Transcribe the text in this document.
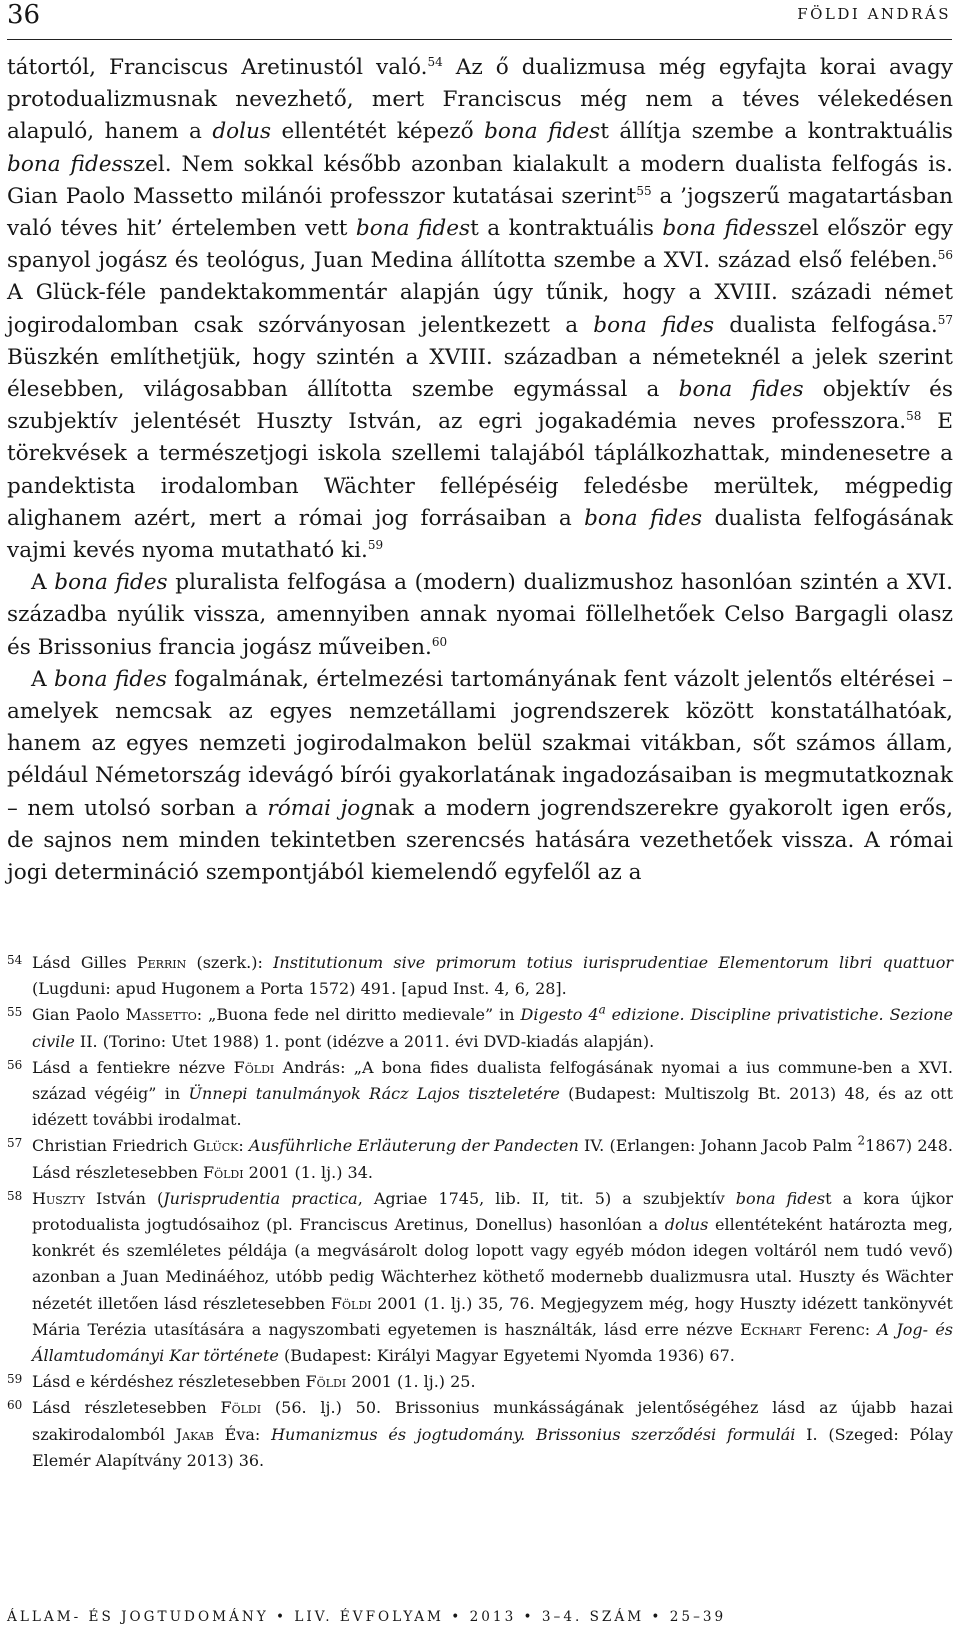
36	FÖLDI ANDRÁS

tátortól, Franciscus Aretinustól való.$^{54}$ Az ő dualizmusa még egyfajta korai avagy protodualizmusnak nevezhető, mert Franciscus még nem a téves vélekedésen alapuló, hanem a dolus ellentétét képező bona fidest állítja szembe a kontraktuális bona fidesszel. Nem sokkal később azonban kialakult a modern dualista felfogás is. Gian Paolo Massetto milánói professzor kutatásai szerint$^{55}$ a ’jogszerű magatartásban való téves hit’ értelemben vett bona fidest a kontraktuális bona fidesszel először egy spanyol jogász és teológus, Juan Medina állította szembe a XVI. század első felében.$^{56}$ A Glück-féle pandektakommentár alapján úgy tűnik, hogy a XVIII. századi német jogirodalomban csak szórványosan jelentkezett a bona fides dualista felfogása.$^{57}$ Büszkén említhetjük, hogy szintén a XVIII. században a németeknél a jelek szerint élesebben, világosabban állította szembe egymással a bona fides objektív és szubjektív jelentését Huszty István, az egri jogakadémia neves professzora.$^{58}$ E törekvések a természetjogi iskola szellemi talajából táplálkozhattak, mindenesetre a pandektista irodalomban Wächter fellépéséig feledésbe merültek, mégpedig alighanem azért, mert a római jog forrásaiban a bona fides dualista felfogásának vajmi kevés nyoma mutatható ki.$^{59}$

A bona fides pluralista felfogása a (modern) dualizmushoz hasonlóan szintén a XVI. századba nyúlik vissza, amennyiben annak nyomai föllelhetőek Celso Bargagli olasz és Brissonius francia jogász műveiben.$^{60}$

A bona fides fogalmának, értelmezési tartományának fent vázolt jelentős eltérései – amelyek nemcsak az egyes nemzetállami jogrendszerek között konstatálhatóak, hanem az egyes nemzeti jogirodalmakon belül szakmai vitákban, sőt számos állam, például Németország idevágó bírói gyakorlatának ingadozásaiban is megmutatkoznak – nem utolsó sorban a római jognak a modern jogrendszerekre gyakorolt igen erős, de sajnos nem minden tekintetben szerencsés hatására vezethetőek vissza. A római jogi determináció szempontjából kiemelendő egyfelől az a

54 Lásd Gilles Perrin (szerk.): Institutionum sive primorum totius iurisprudentiae Elementorum libri quattuor (Lugduni: apud Hugonem a Porta 1572) 491. [apud Inst. 4, 6, 28].
55 Gian Paolo Massetto: „Buona fede nel diritto medievale” in Digesto 4$^a$ edizione. Discipline privatistiche. Sezione civile II. (Torino: Utet 1988) 1. pont (idézve a 2011. évi DVD-kiadás alapján).
56 Lásd a fentiekre nézve Földi András: „A bona fides dualista felfogásának nyomai a ius commune-ben a XVI. század végéig” in Ünnepi tanulmányok Rácz Lajos tiszteletére (Budapest: Multiszolg Bt. 2013) 48, és az ott idézett további irodalmat.
57 Christian Friedrich Glück: Ausführliche Erläuterung der Pandecten IV. (Erlangen: Johann Jacob Palm $^2$1867) 248. Lásd részletesebben Földi 2001 (1. lj.) 34.
58 Huszty István (Jurisprudentia practica, Agriae 1745, lib. II, tit. 5) a szubjektív bona fidest a kora újkor protodualista jogtudósaihoz (pl. Franciscus Aretinus, Donellus) hasonlóan a dolus ellentéteként határozta meg, konkrét és szemléletes példája (a megvásárolt dolog lopott vagy egyéb módon idegen voltáról nem tudó vevő) azonban a Juan Medináéhoz, utóbb pedig Wächterhez köthető modernebb dualizmusra utal. Huszty és Wächter nézetét illetően lásd részletesebben Földi 2001 (1. lj.) 35, 76. Megjegyzem még, hogy Huszty idézett tankönyvét Mária Terézia utasítására a nagyszombati egyetemen is használták, lásd erre nézve Eckhart Ferenc: A Jog- és Államtudományi Kar története (Budapest: Királyi Magyar Egyetemi Nyomda 1936) 67.
59 Lásd e kérdéshez részletesebben Földi 2001 (1. lj.) 25.
60 Lásd részletesebben Földi (56. lj.) 50. Brissonius munkásságának jelentőségéhez lásd az újabb hazai szakirodalomból Jakab Éva: Humanizmus és jogtudomány. Brissonius szerződési formulái I. (Szeged: Pólay Elemér Alapítvány 2013) 36.
ÁLLAM- ÉS JOGTUDOMÁNY • LIV. ÉVFOLYAM • 2013 • 3–4. SZÁM • 25–39
